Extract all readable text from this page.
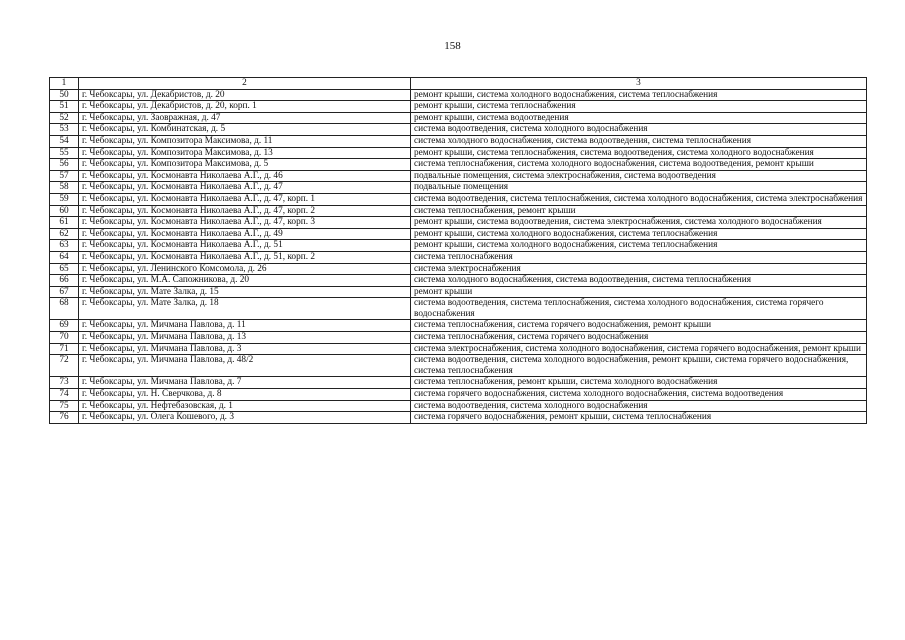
158
1	2	3
50	г. Чебоксары, ул. Декабристов, д. 20	ремонт крыши, система холодного водоснабжения, система теплоснабжения
51	г. Чебоксары, ул. Декабристов, д. 20, корп. 1	ремонт крыши, система теплоснабжения
52	г. Чебоксары, ул. Заовражная, д. 47	ремонт крыши, система водоотведения
53	г. Чебоксары, ул. Комбинатская, д. 5	система водоотведения, система холодного водоснабжения
54	г. Чебоксары, ул. Композитора Максимова, д. 11	система холодного водоснабжения, система водоотведения, система теплоснабжения
55	г. Чебоксары, ул. Композитора Максимова, д. 13	ремонт крыши, система теплоснабжения, система водоотведения, система холодного водоснабжения
56	г. Чебоксары, ул. Композитора Максимова, д. 5	система теплоснабжения, система холодного водоснабжения, система водоотведения, ремонт крыши
57	г. Чебоксары, ул. Космонавта Николаева А.Г., д. 46	подвальные помещения, система электроснабжения, система водоотведения
58	г. Чебоксары, ул. Космонавта Николаева А.Г., д. 47	подвальные помещения
59	г. Чебоксары, ул. Космонавта Николаева А.Г., д. 47, корп. 1	система водоотведения, система теплоснабжения, система холодного водоснабжения, система электроснабжения
60	г. Чебоксары, ул. Космонавта Николаева А.Г., д. 47, корп. 2	система теплоснабжения, ремонт крыши
61	г. Чебоксары, ул. Космонавта Николаева А.Г., д. 47, корп. 3	ремонт крыши, система водоотведения, система электроснабжения, система холодного водоснабжения
62	г. Чебоксары, ул. Космонавта Николаева А.Г., д. 49	ремонт крыши, система холодного водоснабжения, система теплоснабжения
63	г. Чебоксары, ул. Космонавта Николаева А.Г., д. 51	ремонт крыши, система холодного водоснабжения, система теплоснабжения
64	г. Чебоксары, ул. Космонавта Николаева А.Г., д. 51, корп. 2	система теплоснабжения
65	г. Чебоксары, ул. Ленинского Комсомола, д. 26	система электроснабжения
66	г. Чебоксары, ул. М.А. Сапожникова, д. 20	система холодного водоснабжения, система водоотведения, система теплоснабжения
67	г. Чебоксары, ул. Мате Залка, д. 15	ремонт крыши
68	г. Чебоксары, ул. Мате Залка, д. 18	система водоотведения, система теплоснабжения, система холодного водоснабжения, система горячего водоснабжения
69	г. Чебоксары, ул. Мичмана Павлова, д. 11	система теплоснабжения, система горячего водоснабжения, ремонт крыши
70	г. Чебоксары, ул. Мичмана Павлова, д. 13	система теплоснабжения, система горячего водоснабжения
71	г. Чебоксары, ул. Мичмана Павлова, д. 3	система электроснабжения, система холодного водоснабжения, система горячего водоснабжения, ремонт крыши
72	г. Чебоксары, ул. Мичмана Павлова, д. 48/2	система водоотведения, система холодного водоснабжения, ремонт крыши, система горячего водоснабжения, система теплоснабжения
73	г. Чебоксары, ул. Мичмана Павлова, д. 7	система теплоснабжения, ремонт крыши, система холодного водоснабжения
74	г. Чебоксары, ул. Н. Сверчкова, д. 8	система горячего водоснабжения, система холодного водоснабжения, система водоотведения
75	г. Чебоксары, ул. Нефтебазовская, д. 1	система водоотведения, система холодного водоснабжения
76	г. Чебоксары, ул. Олега Кошевого, д. 3	система горячего водоснабжения, ремонт крыши, система теплоснабжения
